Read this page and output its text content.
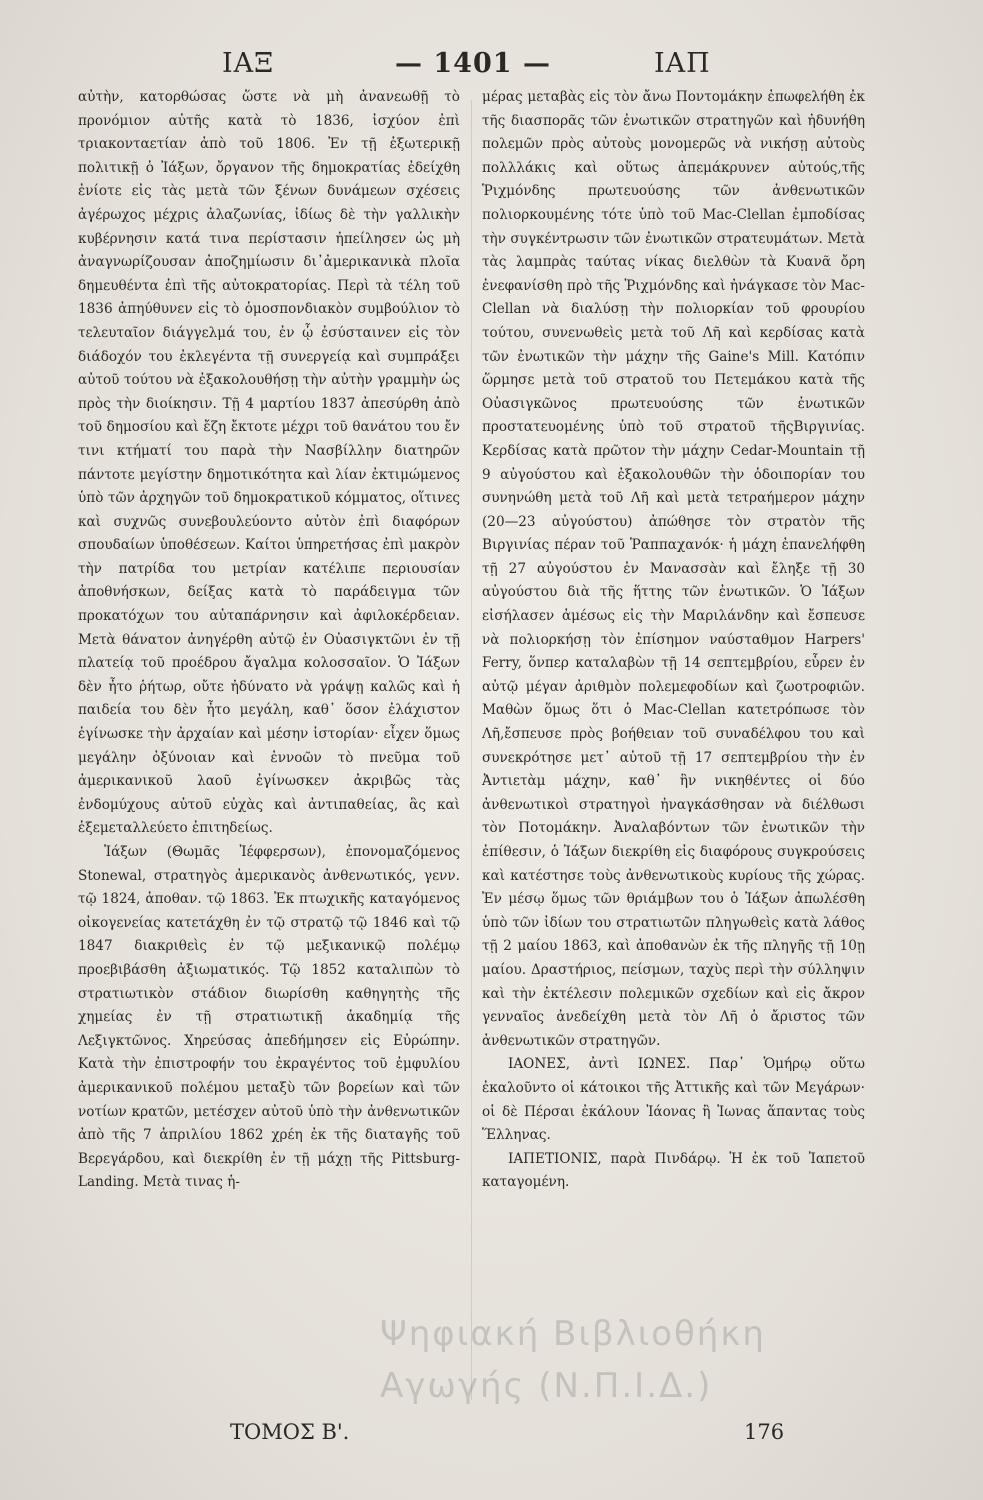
ΙΑΞ	— 1401 —	ΙΑΠ

αὐτὴν, κατορθώσας ὥστε νὰ μὴ ἀνανεωθῇ τὸ προνόμιον αὐτῆς κατὰ τὸ 1836, ἰσχύον ἐπὶ τριακονταετίαν ἀπὸ τοῦ 1806. Ἐν τῇ ἐξωτερικῇ πολιτικῇ ὁ Ἰάξων, ὄργανον τῆς δημοκρατίας ἐδείχθη ἐνίοτε εἰς τὰς μετὰ τῶν ξένων δυνάμεων σχέσεις ἀγέρωχος μέχρις ἀλαζωνίας, ἰδίως δὲ τὴν γαλλικὴν κυβέρνησιν κατά τινα περίστασιν ἠπείλησεν ὡς μὴ ἀναγνωρίζουσαν ἀποζημίωσιν δι᾽ἀμερικανικὰ πλοῖα δημευθέντα ἐπὶ τῆς αὐτοκρατορίας. Περὶ τὰ τέλη τοῦ 1836 ἀπηύθυνεν εἰς τὸ ὁμοσπονδιακὸν συμβούλιον τὸ τελευταῖον διάγγελμά του, ἐν ᾧ ἐσύσταινεν εἰς τὸν διάδοχόν του ἐκλεγέντα τῇ συνεργείᾳ καὶ συμπράξει αὐτοῦ τούτου νὰ ἐξακολουθήσῃ τὴν αὐτὴν γραμμὴν ὡς πρὸς τὴν διοίκησιν. Τῇ 4 μαρτίου 1837 ἀπεσύρθη ἀπὸ τοῦ δημοσίου καὶ ἔζη ἔκτοτε μέχρι τοῦ θανάτου του ἔν τινι κτήματί του παρὰ τὴν Νασβίλλην διατηρῶν πάντοτε μεγίστην δημοτικότητα καὶ λίαν ἐκτιμώμενος ὑπὸ τῶν ἀρχηγῶν τοῦ δημοκρατικοῦ κόμματος, οἵτινες καὶ συχνῶς συνεβουλεύοντο αὐτὸν ἐπὶ διαφόρων σπουδαίων ὑποθέσεων. Καίτοι ὑπηρετήσας ἐπὶ μακρὸν τὴν πατρίδα του μετρίαν κατέλιπε περιουσίαν ἀποθνήσκων, δείξας κατὰ τὸ παράδειγμα τῶν προκατόχων του αὐταπάρνησιν καὶ ἀφιλοκέρδειαν. Μετὰ θάνατον ἀνηγέρθη αὐτῷ ἐν Οὐασιγκτῶνι ἐν τῇ πλατείᾳ τοῦ προέδρου ἄγαλμα κολοσσαῖον. Ὁ Ἰάξων δὲν ἦτο ῥήτωρ, οὔτε ἠδύνατο νὰ γράψῃ καλῶς καὶ ἡ παιδεία του δὲν ἦτο μεγάλη, καθ᾽ ὅσον ἐλάχιστον ἐγίνωσκε τὴν ἀρχαίαν καὶ μέσην ἱστορίαν· εἶχεν ὅμως μεγάλην ὀξύνοιαν καὶ ἐννοῶν τὸ πνεῦμα τοῦ ἀμερικανικοῦ λαοῦ ἐγίνωσκεν ἀκριβῶς τὰς ἐνδομύχους αὐτοῦ εὐχὰς καὶ ἀντιπαθείας, ἃς καὶ ἐξεμεταλλεύετο ἐπιτηδείως.

Ἰάξων (Θωμᾶς Ἰέφφερσων), ἐπονομαζόμενος Stonewal, στρατηγὸς ἀμερικανὸς ἀνθενωτικός, γενν. τῷ 1824, ἀποθαν. τῷ 1863. Ἐκ πτωχικῆς καταγόμενος οἰκογενείας κατετάχθη ἐν τῷ στρατῷ τῷ 1846 καὶ τῷ 1847 διακριθεὶς ἐν τῷ μεξικανικῷ πολέμῳ προεβιβάσθη ἀξιωματικός. Τῷ 1852 καταλιπὼν τὸ στρατιωτικὸν στάδιον διωρίσθη καθηγητὴς τῆς χημείας ἐν τῇ στρατιωτικῇ ἀκαδημίᾳ τῆς Λεξιγκτῶνος. Χηρεύσας ἀπεδήμησεν εἰς Εὐρώπην. Κατὰ τὴν ἐπιστροφήν του ἐκραγέντος τοῦ ἐμφυλίου ἀμερικανικοῦ πολέμου μεταξὺ τῶν βορείων καὶ τῶν νοτίων κρατῶν, μετέσχεν αὐτοῦ ὑπὸ τὴν ἀνθενωτικῶν ἀπὸ τῆς 7 ἀπριλίου 1862 χρέη ἐκ τῆς διαταγῆς τοῦ Βερεγάρδου, καὶ διεκρίθη ἐν τῇ μάχῃ τῆς Pittsburg-Landing. Μετὰ τινας ἡ-

μέρας μεταβὰς εἰς τὸν ἄνω Ποντομάκην ἐπωφελήθη ἐκ τῆς διασπορᾶς τῶν ἐνωτικῶν στρατηγῶν καὶ ἠδυνήθη πολεμῶν πρὸς αὐτοὺς μονομερῶς νὰ νικήσῃ αὐτοὺς πολλλάκις καὶ οὕτως ἀπεμάκρυνεν αὐτούς,τῆς Ῥιχμόνδης πρωτευούσης τῶν ἀνθενωτικῶν πολιορκουμένης τότε ὑπὸ τοῦ Mac-Clellan ἐμποδίσας τὴν συγκέντρωσιν τῶν ἐνωτικῶν στρατευμάτων. Μετὰ τὰς λαμπρὰς ταύτας νίκας διελθὼν τὰ Κυανᾶ ὄρη ἐνεφανίσθη πρὸ τῆς Ῥιχμόνδης καὶ ἠνάγκασε τὸν Mac-Clellan νὰ διαλύσῃ τὴν πολιορκίαν τοῦ φρουρίου τούτου, συνενωθεὶς μετὰ τοῦ Λῆ καὶ κερδίσας κατὰ τῶν ἐνωτικῶν τὴν μάχην τῆς Gaine's Mill. Κατόπιν ὥρμησε μετὰ τοῦ στρατοῦ του Πετεμάκου κατὰ τῆς Οὐασιγκῶνος πρωτευούσης τῶν ἐνωτικῶν προστατευομένης ὑπὸ τοῦ στρατοῦ τῆςΒιργινίας. Κερδίσας κατὰ πρῶτον τὴν μάχην Cedar-Mountain τῇ 9 αὐγούστου καὶ ἐξακολουθῶν τὴν ὁδοιπορίαν του συνηνώθη μετὰ τοῦ Λῆ καὶ μετὰ τετραήμερον μάχην (20—23 αὐγούστου) ἀπώθησε τὸν στρατὸν τῆς Βιργινίας πέραν τοῦ Ῥαππαχανόκ· ἡ μάχη ἐπανελήφθη τῇ 27 αὐγούστου ἐν Μανασσὰν καὶ ἔληξε τῇ 30 αὐγούστου διὰ τῆς ἥττης τῶν ἐνωτικῶν. Ὁ Ἰάξων εἰσήλασεν ἀμέσως εἰς τὴν Μαριλάνδην καὶ ἔσπευσε νὰ πολιορκήσῃ τὸν ἐπίσημον ναύσταθμον Harpers' Ferry, ὅνπερ καταλαβὼν τῇ 14 σεπτεμβρίου, εὗρεν ἐν αὐτῷ μέγαν ἀριθμὸν πολεμεφοδίων καὶ ζωοτροφιῶν. Μαθὼν ὅμως ὅτι ὁ Mac-Clellan κατετρόπωσε τὸν Λῆ,ἔσπευσε πρὸς βοήθειαν τοῦ συναδέλφου του καὶ συνεκρότησε μετ᾽ αὐτοῦ τῇ 17 σεπτεμβρίου τὴν ἐν Ἀντιετὰμ μάχην, καθ᾽ ἣν νικηθέντες οἱ δύο ἀνθενωτικοὶ στρατηγοὶ ἠναγκάσθησαν νὰ διέλθωσι τὸν Ποτομάκην. Ἀναλαβόντων τῶν ἐνωτικῶν τὴν ἐπίθεσιν, ὁ Ἰάξων διεκρίθη εἰς διαφόρους συγκρούσεις καὶ κατέστησε τοὺς ἀνθενωτικοὺς κυρίους τῆς χώρας. Ἐν μέσῳ ὅμως τῶν θριάμβων του ὁ Ἰάξων ἀπωλέσθη ὑπὸ τῶν ἰδίων του στρατιωτῶν πληγωθεὶς κατὰ λάθος τῇ 2 μαίου 1863, καὶ ἀποθανὼν ἐκ τῆς πληγῆς τῇ 10ῃ μαίου. Δραστήριος, πείσμων, ταχὺς περὶ τὴν σύλληψιν καὶ τὴν ἐκτέλεσιν πολεμικῶν σχεδίων καὶ εἰς ἄκρον γενναῖος ἀνεδείχθη μετὰ τὸν Λῆ ὁ ἄριστος τῶν ἀνθενωτικῶν στρατηγῶν.

ΙΑΟΝΕΣ, ἀντὶ ΙΩΝΕΣ. Παρ᾽ Ὁμήρῳ οὕτω ἐκαλοῦντο οἱ κάτοικοι τῆς Ἀττικῆς καὶ τῶν Μεγάρων· οἱ δὲ Πέρσαι ἐκάλουν Ἰάονας ἢ Ἰωνας ἅπαντας τοὺς Ἕλληνας.

ΙΑΠΕΤΙΟΝΙΣ, παρὰ Πινδάρῳ. Ἡ ἐκ τοῦ Ἰαπετοῦ καταγομένη.

Ψηφιακή Βιβλιοθήκη
Αγωγής (Ν.Π.Ι.Δ.)
ΤΟΜΟΣ Β'.	176
